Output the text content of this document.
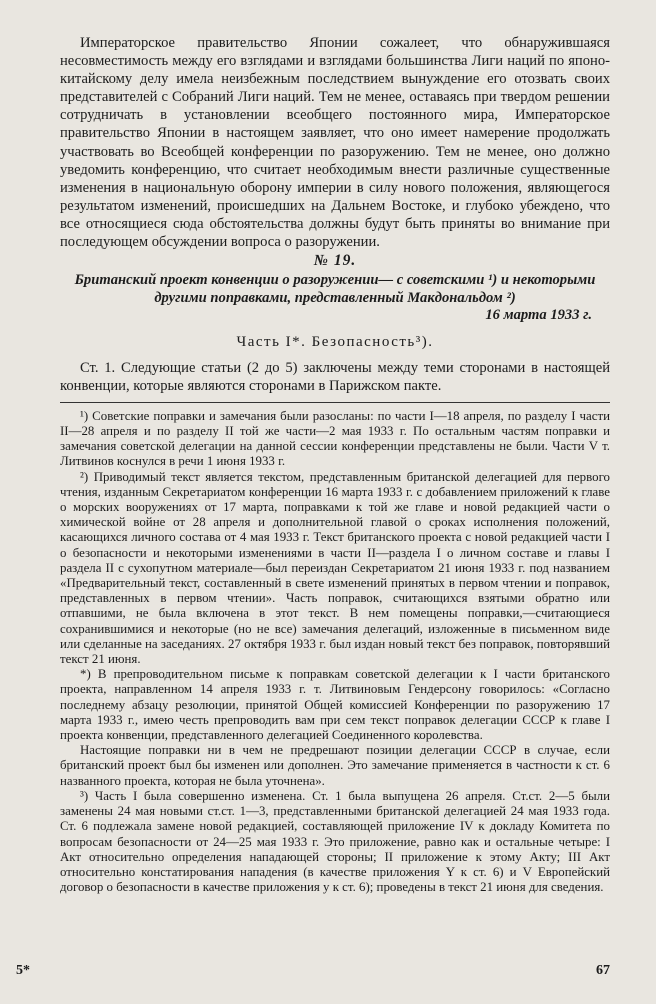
Императорское правительство Японии сожалеет, что обнаружившаяся несовместимость между его взглядами и взглядами большинства Лиги наций по японо-китайскому делу имела неизбежным последствием вынуждение его отозвать своих представителей с Собраний Лиги наций. Тем не менее, оставаясь при твердом решении сотрудничать в установлении всеобщего постоянного мира, Императорское правительство Японии в настоящем заявляет, что оно имеет намерение продолжать участвовать во Всеобщей конференции по разоружению. Тем не менее, оно должно уведомить конференцию, что считает необходимым внести различные существенные изменения в национальную оборону империи в силу нового положения, являющегося результатом изменений, происшедших на Дальнем Востоке, и глубоко убеждено, что все относящиеся сюда обстоятельства должны будут быть приняты во внимание при последующем обсуждении вопроса о разоружении.

№ 19.

Британский проект конвенции о разоружении— с советскими ¹) и некоторыми другими поправками, представленный Макдональдом ²)

16 марта 1933 г.

Часть I*. Безопасность³).

Ст. 1. Следующие статьи (2 до 5) заключены между теми сторонами в настоящей конвенции, которые являются сторонами в Парижском пакте.

¹) Советские поправки и замечания были разосланы: по части I—18 апреля, по разделу I части II—28 апреля и по разделу II той же части—2 мая 1933 г. По остальным частям поправки и замечания советской делегации на данной сессии конференции представлены не были. Части V т. Литвинов коснулся в речи 1 июня 1933 г.

²) Приводимый текст является текстом, представленным британской делегацией для первого чтения, изданным Секретариатом конференции 16 марта 1933 г. с добавлением приложений к главе о морских вооружениях от 17 марта, поправками к той же главе и новой редакцией части о химической войне от 28 апреля и дополнительной главой о сроках исполнения положений, касающихся личного состава от 4 мая 1933 г. Текст британского проекта с новой редакцией части I о безопасности и некоторыми изменениями в части II—раздела I о личном составе и главы I раздела II с сухопутном материале—был переиздан Секретариатом 21 июня 1933 г. под названием «Предварительный текст, составленный в свете изменений принятых в первом чтении и поправок, представленных в первом чтении». Часть поправок, считающихся взятыми обратно или отпавшими, не была включена в этот текст. В нем помещены поправки,—считающиеся сохранившимися и некоторые (но не все) замечания делегаций, изложенные в письменном виде или сделанные на заседаниях. 27 октября 1933 г. был издан новый текст без поправок, повторявший текст 21 июня.

*) В препроводительном письме к поправкам советской делегации к I части британского проекта, направленном 14 апреля 1933 г. т. Литвиновым Гендерсону говорилось: «Согласно последнему абзацу резолюции, принятой Общей комиссией Конференции по разоружению 17 марта 1933 г., имею честь препроводить вам при сем текст поправок делегации СССР к главе I проекта конвенции, представленного делегацией Соединенного королевства.

Настоящие поправки ни в чем не предрешают позиции делегации СССР в случае, если британский проект был бы изменен или дополнен. Это замечание применяется в частности к ст. 6 названного проекта, которая не была уточнена».

³) Часть I была совершенно изменена. Ст. 1 была выпущена 26 апреля. Ст.ст. 2—5 были заменены 24 мая новыми ст.ст. 1—3, представленными британской делегацией 24 мая 1933 года. Ст. 6 подлежала замене новой редакцией, составляющей приложение IV к докладу Комитета по вопросам безопасности от 24—25 мая 1933 г. Это приложение, равно как и остальные четыре: I Акт относительно определения нападающей стороны; II приложение к этому Акту; III Акт относительно констатирования нападения (в качестве приложения Y к ст. 6) и V Европейский договор о безопасности в качестве приложения у к ст. 6); проведены в текст 21 июня для сведения.

5*	67
